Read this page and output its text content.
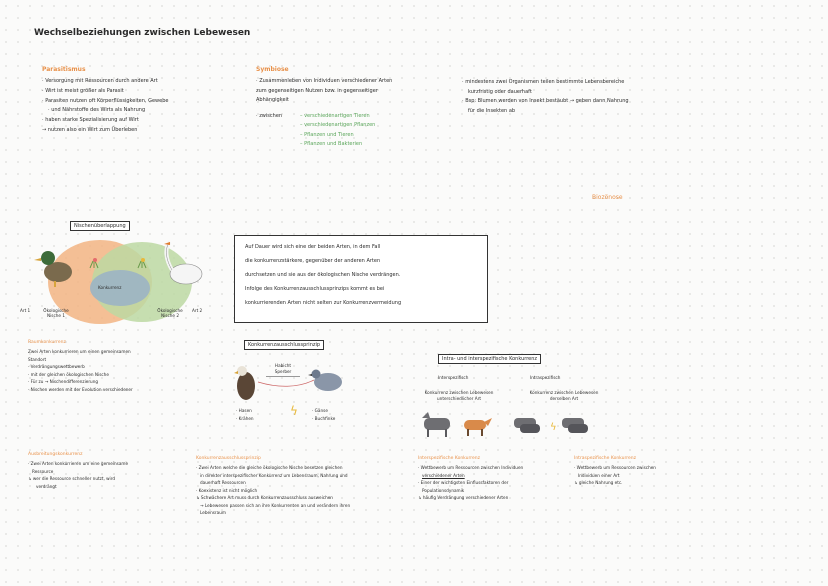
Wechselbeziehungen zwischen Lebewesen
Parasitismus
· Versorgung mit Ressourcen durch andere Art
· Wirt ist meist größer als Parasit
· Parasiten nutzen oft Körperflüssigkeiten, Gewebe
· und Nährstoffe des Wirts als Nahrung
· haben starke Spezialisierung auf Wirt
→ nutzen also ein Wirt zum Überleben
Symbiose
· Zusammenleben von Individuen verschiedener Arten
zum gegenseitigen Nutzen bzw. in gegenseitiger
Abhängigkeit
· zwischen	– verschiedenartigen Tieren
– verschiedenartigen Pflanzen
– Pflanzen und Tieren
– Pflanzen und Bakterien
· mindestens zwei Organismen teilen bestimmte Lebensbereiche
kurzfristig oder dauerhaft
· Bsp: Blumen werden von Insekt bestäubt → geben dann Nahrung
für die Insekten ab
Biozönose
Nischenüberlappung
Konkurrenz
Art 1	Ökologische Nische 1
Ökologische Nische 2
Art 2
Auf Dauer wird sich eine der beiden Arten, in dem Fall
die konkurrenzstärkere, gegenüber der anderen Arten
durchsetzen und sie aus der ökologischen Nische verdrängen.
Infolge des Konkurrenzausschlussprinzips kommt es bei
konkurrierenden Arten nicht selten zur Konkurrenzvermeidung
Raumkonkurrenz
Zwei Arten konkurrieren um einen gemeinsamen
Standort
· Verdrängungswettbewerb
· mit der gleichen ökologischen Nische
· Für zu → Nischendifferenzierung
· Nischen werden mit der Evolution verschiedener
Konkurrenzausschlussprinzip
Habicht Sperber
· Hasen
· Krähen
ϟ	· Gänse
· Buchfinke
Intra- und interspezifische Konkurrenz
Interspezifisch	Intraspezifisch
Konkurrenz zwischen Lebewesen unterschiedlicher Art
Konkurrenz zwischen Lebewesen derselben Art
ϟ
Ausbreitungskonkurrenz
· Zwei Arten konkurrieren um eine gemeinsame
Ressource
↳ wer die Ressource schneller nutzt, wird
verdrängt
Konkurrenzausschlussprinzip
· Zwei Arten welche die gleiche ökologische Nische besetzen gleichen
in direkter interspezifischer Konkurrenz um Lebensraum, Nahrung und
dauerhaft Ressourcen
· Koexistenz ist nicht möglich
↳ Schwächere Art muss durch Konkurrenzausschluss ausweichen
→ Lebewesen passen sich an ihre Konkurrenten an und verändern ihren
Lebensraum
Interspezifische Konkurrenz
· Wettbewerb um Ressourcen zwischen Individuen
verschiedener Arten
· Einer der wichtigsten Einflussfaktoren der
Populationsdynamik
↳ häufig Verdrängung verschiedener Arten
Intraspezifische Konkurrenz
· Wettbewerb um Ressourcen zwischen
Individuen einer Art
↳ gleiche Nahrung etc.
